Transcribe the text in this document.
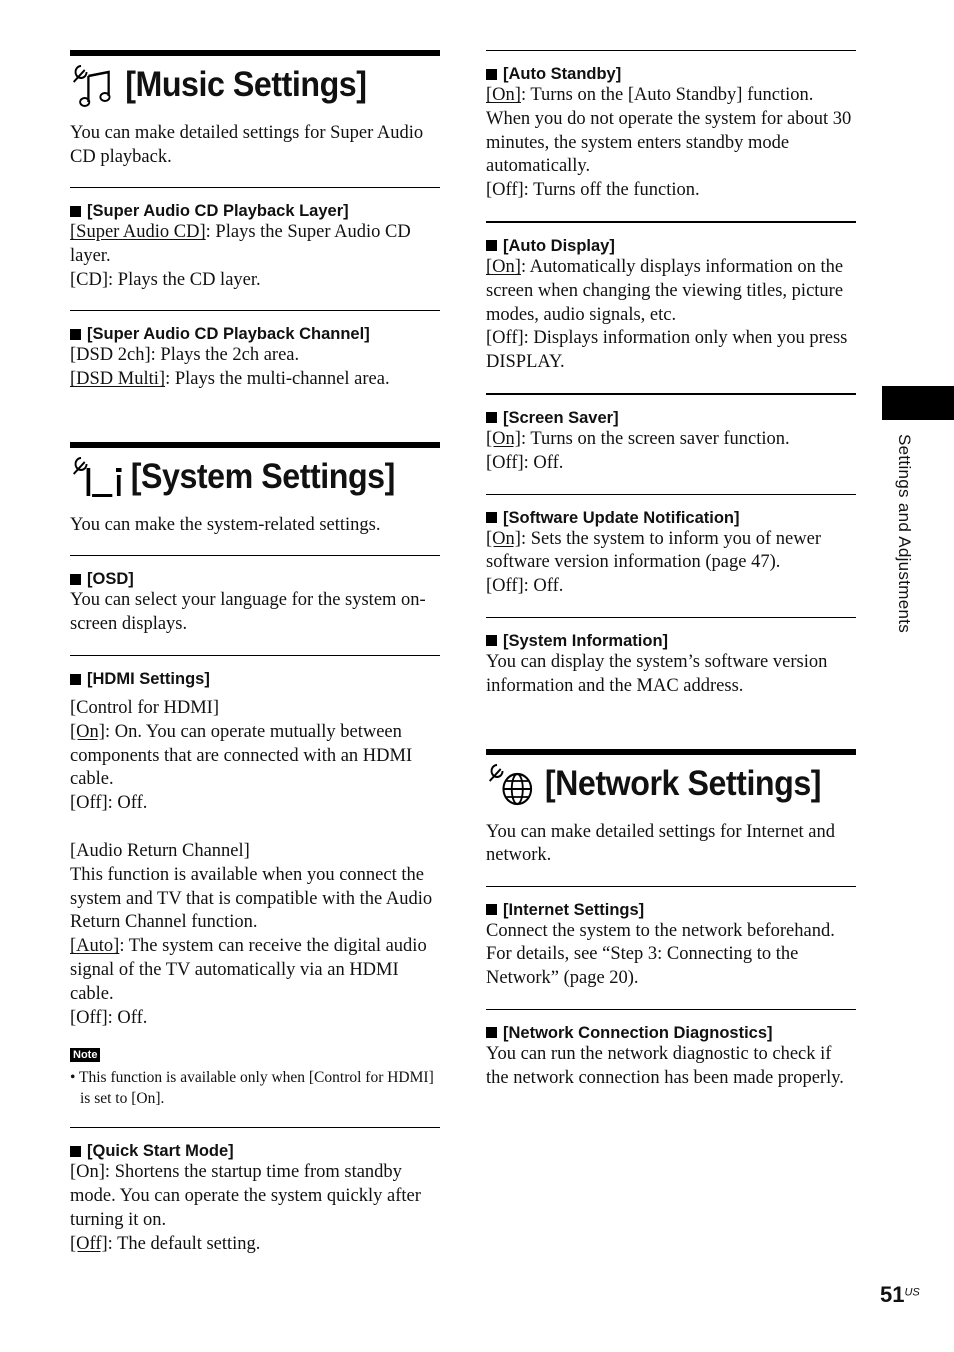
[Music Settings]
You can make detailed settings for Super Audio CD playback.
[Super Audio CD Playback Layer]
[Super Audio CD]: Plays the Super Audio CD layer.
[CD]: Plays the CD layer.
[Super Audio CD Playback Channel]
[DSD 2ch]: Plays the 2ch area.
[DSD Multi]: Plays the multi-channel area.
[System Settings]
You can make the system-related settings.
[OSD]
You can select your language for the system on-screen displays.
[HDMI Settings]
[Control for HDMI]
[On]: On. You can operate mutually between components that are connected with an HDMI cable.
[Off]: Off.
[Audio Return Channel]
This function is available when you connect the system and TV that is compatible with the Audio Return Channel function.
[Auto]: The system can receive the digital audio signal of the TV automatically via an HDMI cable.
[Off]: Off.
Note
• This function is available only when [Control for HDMI] is set to [On].
[Quick Start Mode]
[On]: Shortens the startup time from standby mode. You can operate the system quickly after turning it on.
[Off]: The default setting.
[Auto Standby]
[On]: Turns on the [Auto Standby] function. When you do not operate the system for about 30 minutes, the system enters standby mode automatically.
[Off]: Turns off the function.
[Auto Display]
[On]: Automatically displays information on the screen when changing the viewing titles, picture modes, audio signals, etc.
[Off]: Displays information only when you press DISPLAY.
[Screen Saver]
[On]: Turns on the screen saver function.
[Off]: Off.
[Software Update Notification]
[On]: Sets the system to inform you of newer software version information (page 47).
[Off]: Off.
[System Information]
You can display the system’s software version information and the MAC address.
[Network Settings]
You can make detailed settings for Internet and network.
[Internet Settings]
Connect the system to the network beforehand. For details, see “Step 3: Connecting to the Network” (page 20).
[Network Connection Diagnostics]
You can run the network diagnostic to check if the network connection has been made properly.
Settings and Adjustments
$51^{US}$
